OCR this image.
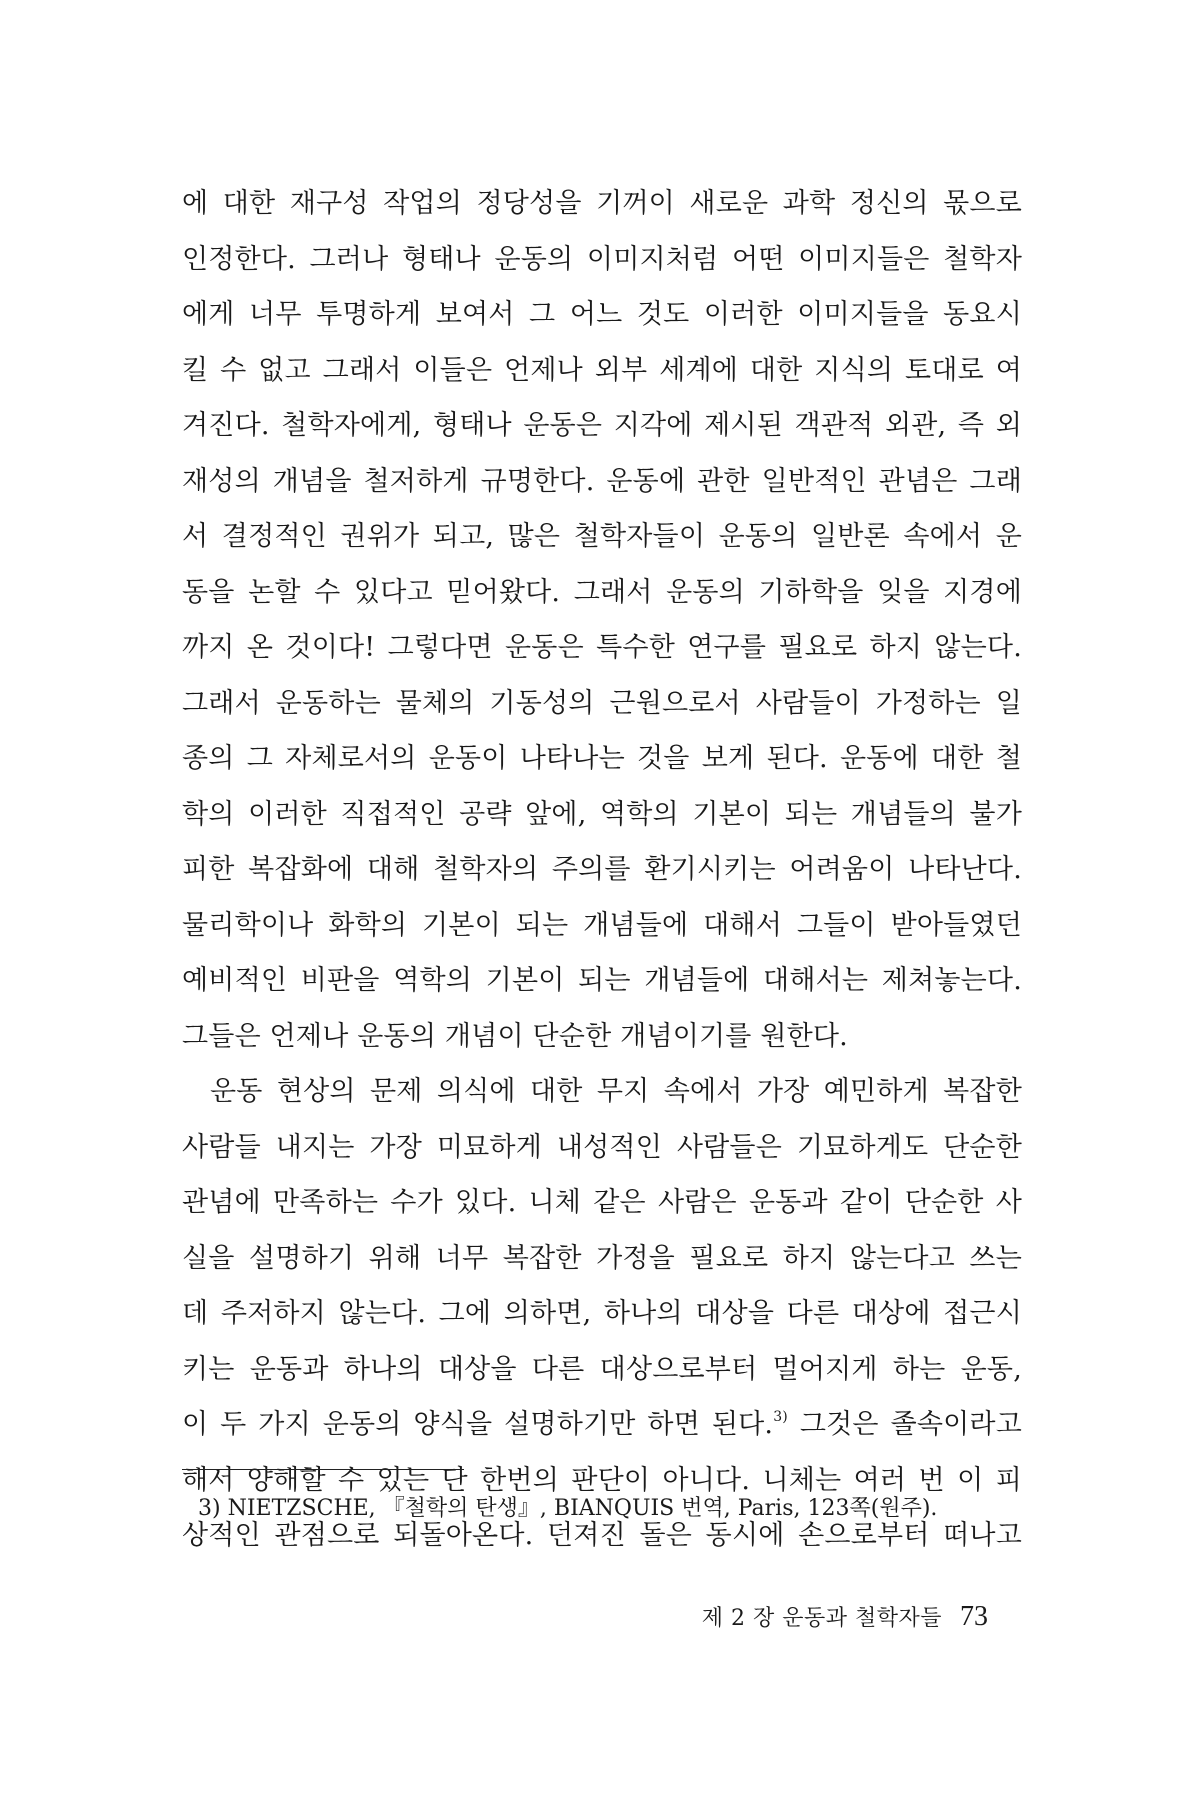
에 대한 재구성 작업의 정당성을 기꺼이 새로운 과학 정신의 몫으로
인정한다. 그러나 형태나 운동의 이미지처럼 어떤 이미지들은 철학자
에게 너무 투명하게 보여서 그 어느 것도 이러한 이미지들을 동요시
킬 수 없고 그래서 이들은 언제나 외부 세계에 대한 지식의 토대로 여
겨진다. 철학자에게, 형태나 운동은 지각에 제시된 객관적 외관, 즉 외
재성의 개념을 철저하게 규명한다. 운동에 관한 일반적인 관념은 그래
서 결정적인 권위가 되고, 많은 철학자들이 운동의 일반론 속에서 운
동을 논할 수 있다고 믿어왔다. 그래서 운동의 기하학을 잊을 지경에
까지 온 것이다! 그렇다면 운동은 특수한 연구를 필요로 하지 않는다.
그래서 운동하는 물체의 기동성의 근원으로서 사람들이 가정하는 일
종의 그 자체로서의 운동이 나타나는 것을 보게 된다. 운동에 대한 철
학의 이러한 직접적인 공략 앞에, 역학의 기본이 되는 개념들의 불가
피한 복잡화에 대해 철학자의 주의를 환기시키는 어려움이 나타난다.
물리학이나 화학의 기본이 되는 개념들에 대해서 그들이 받아들였던
예비적인 비판을 역학의 기본이 되는 개념들에 대해서는 제쳐놓는다.
그들은 언제나 운동의 개념이 단순한 개념이기를 원한다.
운동 현상의 문제 의식에 대한 무지 속에서 가장 예민하게 복잡한
사람들 내지는 가장 미묘하게 내성적인 사람들은 기묘하게도 단순한
관념에 만족하는 수가 있다. 니체 같은 사람은 운동과 같이 단순한 사
실을 설명하기 위해 너무 복잡한 가정을 필요로 하지 않는다고 쓰는
데 주저하지 않는다. 그에 의하면, 하나의 대상을 다른 대상에 접근시
키는 운동과 하나의 대상을 다른 대상으로부터 멀어지게 하는 운동,
이 두 가지 운동의 양식을 설명하기만 하면 된다.$^{3)}$ 그것은 졸속이라고
해서 양해할 수 있는 단 한번의 판단이 아니다. 니체는 여러 번 이 피
상적인 관점으로 되돌아온다. 던져진 돌은 동시에 손으로부터 떠나고
3) NIETZSCHE, 『철학의 탄생』, BIANQUIS 번역, Paris, 123쪽(원주).
제 2 장 운동과 철학자들 73
